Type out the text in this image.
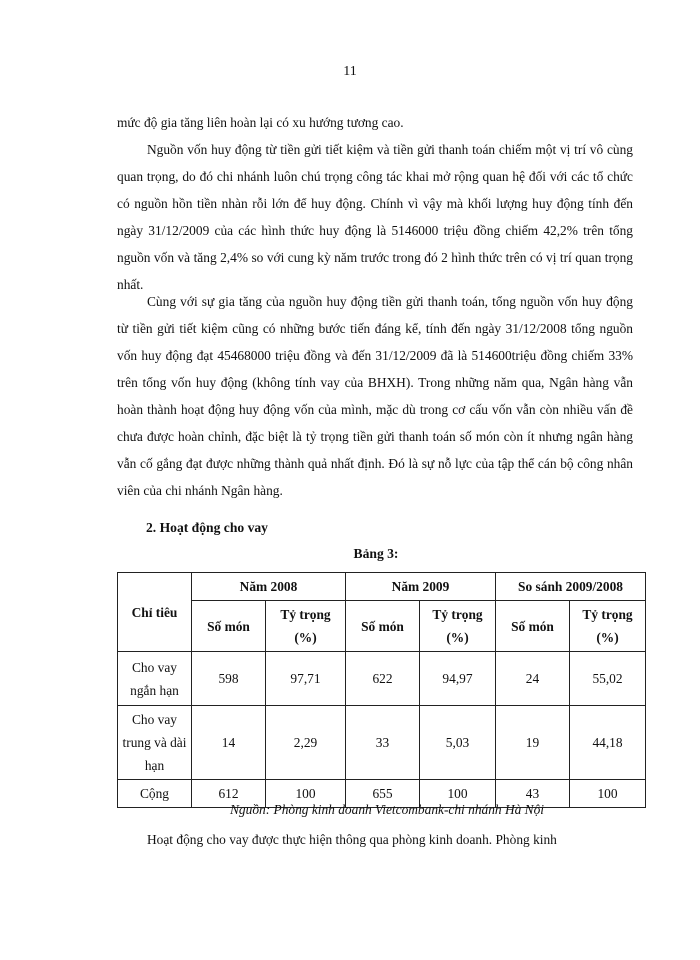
11

mức độ gia tăng liên hoàn lại có xu hướng tương cao.

Nguồn vốn huy động từ tiền gửi tiết kiệm và tiền gửi thanh toán chiếm một vị trí vô cùng quan trọng, do đó chi nhánh luôn chú trọng công tác khai mở rộng quan hệ đối với các tổ chức có nguồn hồn tiền nhàn rỗi lớn để huy động. Chính vì vậy mà khối lượng huy động tính đến ngày 31/12/2009 của các hình thức huy động là 5146000 triệu đồng chiếm 42,2% trên tổng nguồn vốn và tăng 2,4% so với cung kỳ năm trước trong đó 2 hình thức trên có vị trí quan trọng nhất.

Cùng với sự gia tăng của nguồn huy động tiền gửi thanh toán, tổng nguồn vốn huy động từ tiền gửi tiết kiệm cũng có những bước tiến đáng kể, tính đến ngày 31/12/2008 tổng nguồn vốn huy động đạt 45468000 triệu đồng và đến 31/12/2009 đã là 514600triệu đồng chiếm 33% trên tổng vốn huy động (không tính vay của BHXH). Trong những năm qua, Ngân hàng vẫn hoàn thành hoạt động huy động vốn của mình, mặc dù trong cơ cấu vốn vẫn còn nhiều vấn đề chưa được hoàn chỉnh, đặc biệt là tỷ trọng tiền gửi thanh toán số món còn ít nhưng ngân hàng vẫn cố gắng đạt được những thành quả nhất định. Đó là sự nỗ lực của tập thể cán bộ công nhân viên của chi nhánh Ngân hàng.

2. Hoạt động cho vay
Bảng 3:
Chỉ tiêu	Năm 2008		Năm 2009		So sánh 2009/2008	
	Số món	Tỷ trọng (%)	Số món	Tỷ trọng (%)	Số món	Tỷ trọng (%)
Cho vay ngắn hạn	598	97,71	622	94,97	24	55,02
Cho vay trung và dài hạn	14	2,29	33	5,03	19	44,18
Cộng	612	100	655	100	43	100
Nguồn: Phòng kinh doanh Vietcombank-chi nhánh Hà Nội

Hoạt động cho vay được thực hiện thông qua phòng kinh doanh. Phòng kinh
